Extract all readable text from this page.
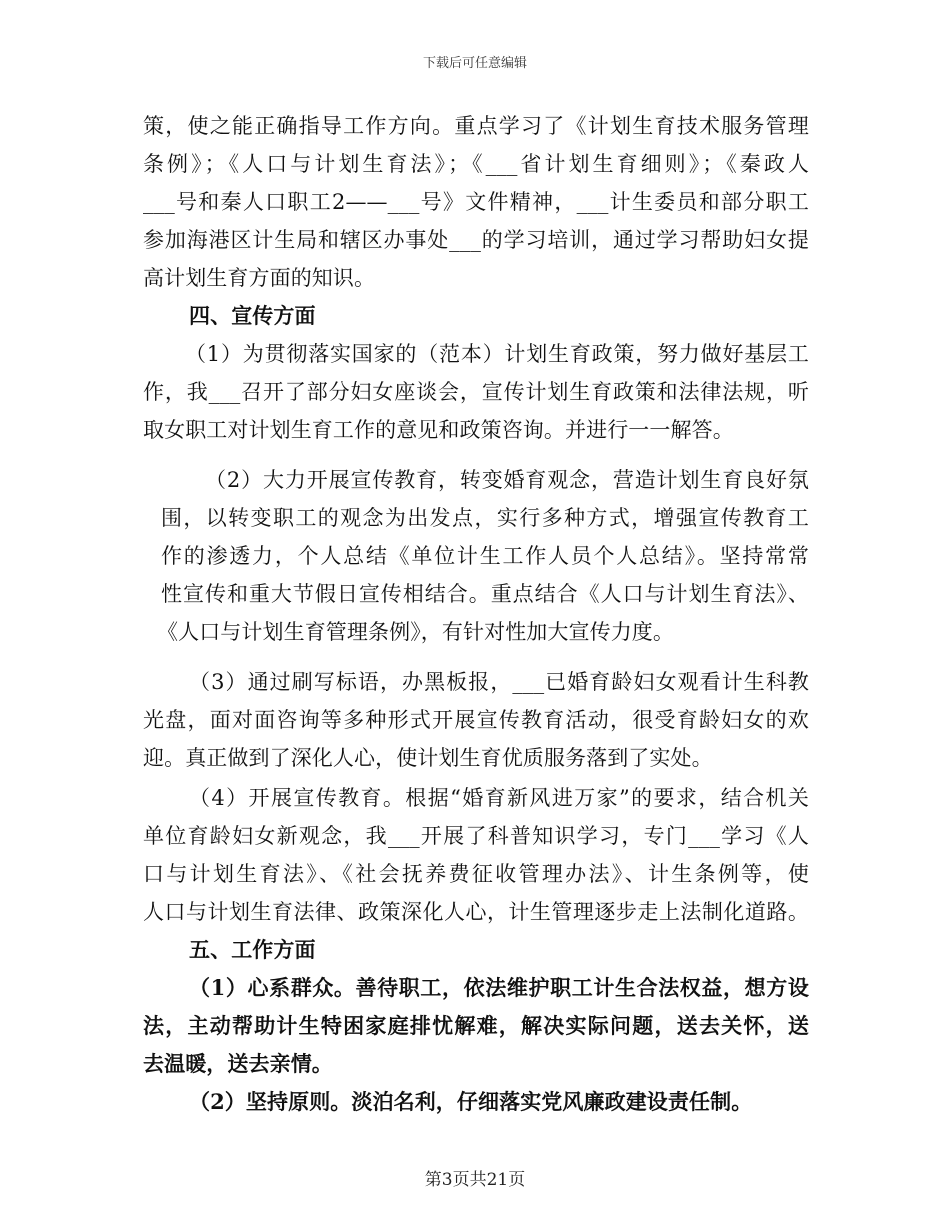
下载后可任意编辑
策，使之能正确指导工作方向。重点学习了《计划生育技术服务管理
条例》；《人口与计划生育法》；《___省计划生育细则》；《秦政人
___号和秦人口职工2——___号》文件精神，___计生委员和部分职工
参加海港区计生局和辖区办事处___的学习培训，通过学习帮助妇女提
高计划生育方面的知识。
四、宣传方面
（1）为贯彻落实国家的（范本）计划生育政策，努力做好基层工
作，我___召开了部分妇女座谈会，宣传计划生育政策和法律法规，听
取女职工对计划生育工作的意见和政策咨询。并进行一一解答。
（2）大力开展宣传教育，转变婚育观念，营造计划生育良好氛
围，以转变职工的观念为出发点，实行多种方式，增强宣传教育工
作的渗透力，个人总结《单位计生工作人员个人总结》。坚持常常
性宣传和重大节假日宣传相结合。重点结合《人口与计划生育法》、
《人口与计划生育管理条例》，有针对性加大宣传力度。
（3）通过刷写标语，办黑板报，___已婚育龄妇女观看计生科教
光盘，面对面咨询等多种形式开展宣传教育活动，很受育龄妇女的欢
迎。真正做到了深化人心，使计划生育优质服务落到了实处。
（4）开展宣传教育。根据“婚育新风进万家”的要求，结合机关
单位育龄妇女新观念，我___开展了科普知识学习，专门___学习《人
口与计划生育法》、《社会抚养费征收管理办法》、计生条例等，使
人口与计划生育法律、政策深化人心，计生管理逐步走上法制化道路。
五、工作方面
（1）心系群众。善待职工，依法维护职工计生合法权益，想方设
法，主动帮助计生特困家庭排忧解难，解决实际问题，送去关怀，送
去温暖，送去亲情。
（2）坚持原则。淡泊名利，仔细落实党风廉政建设责任制。
第3页共21页
